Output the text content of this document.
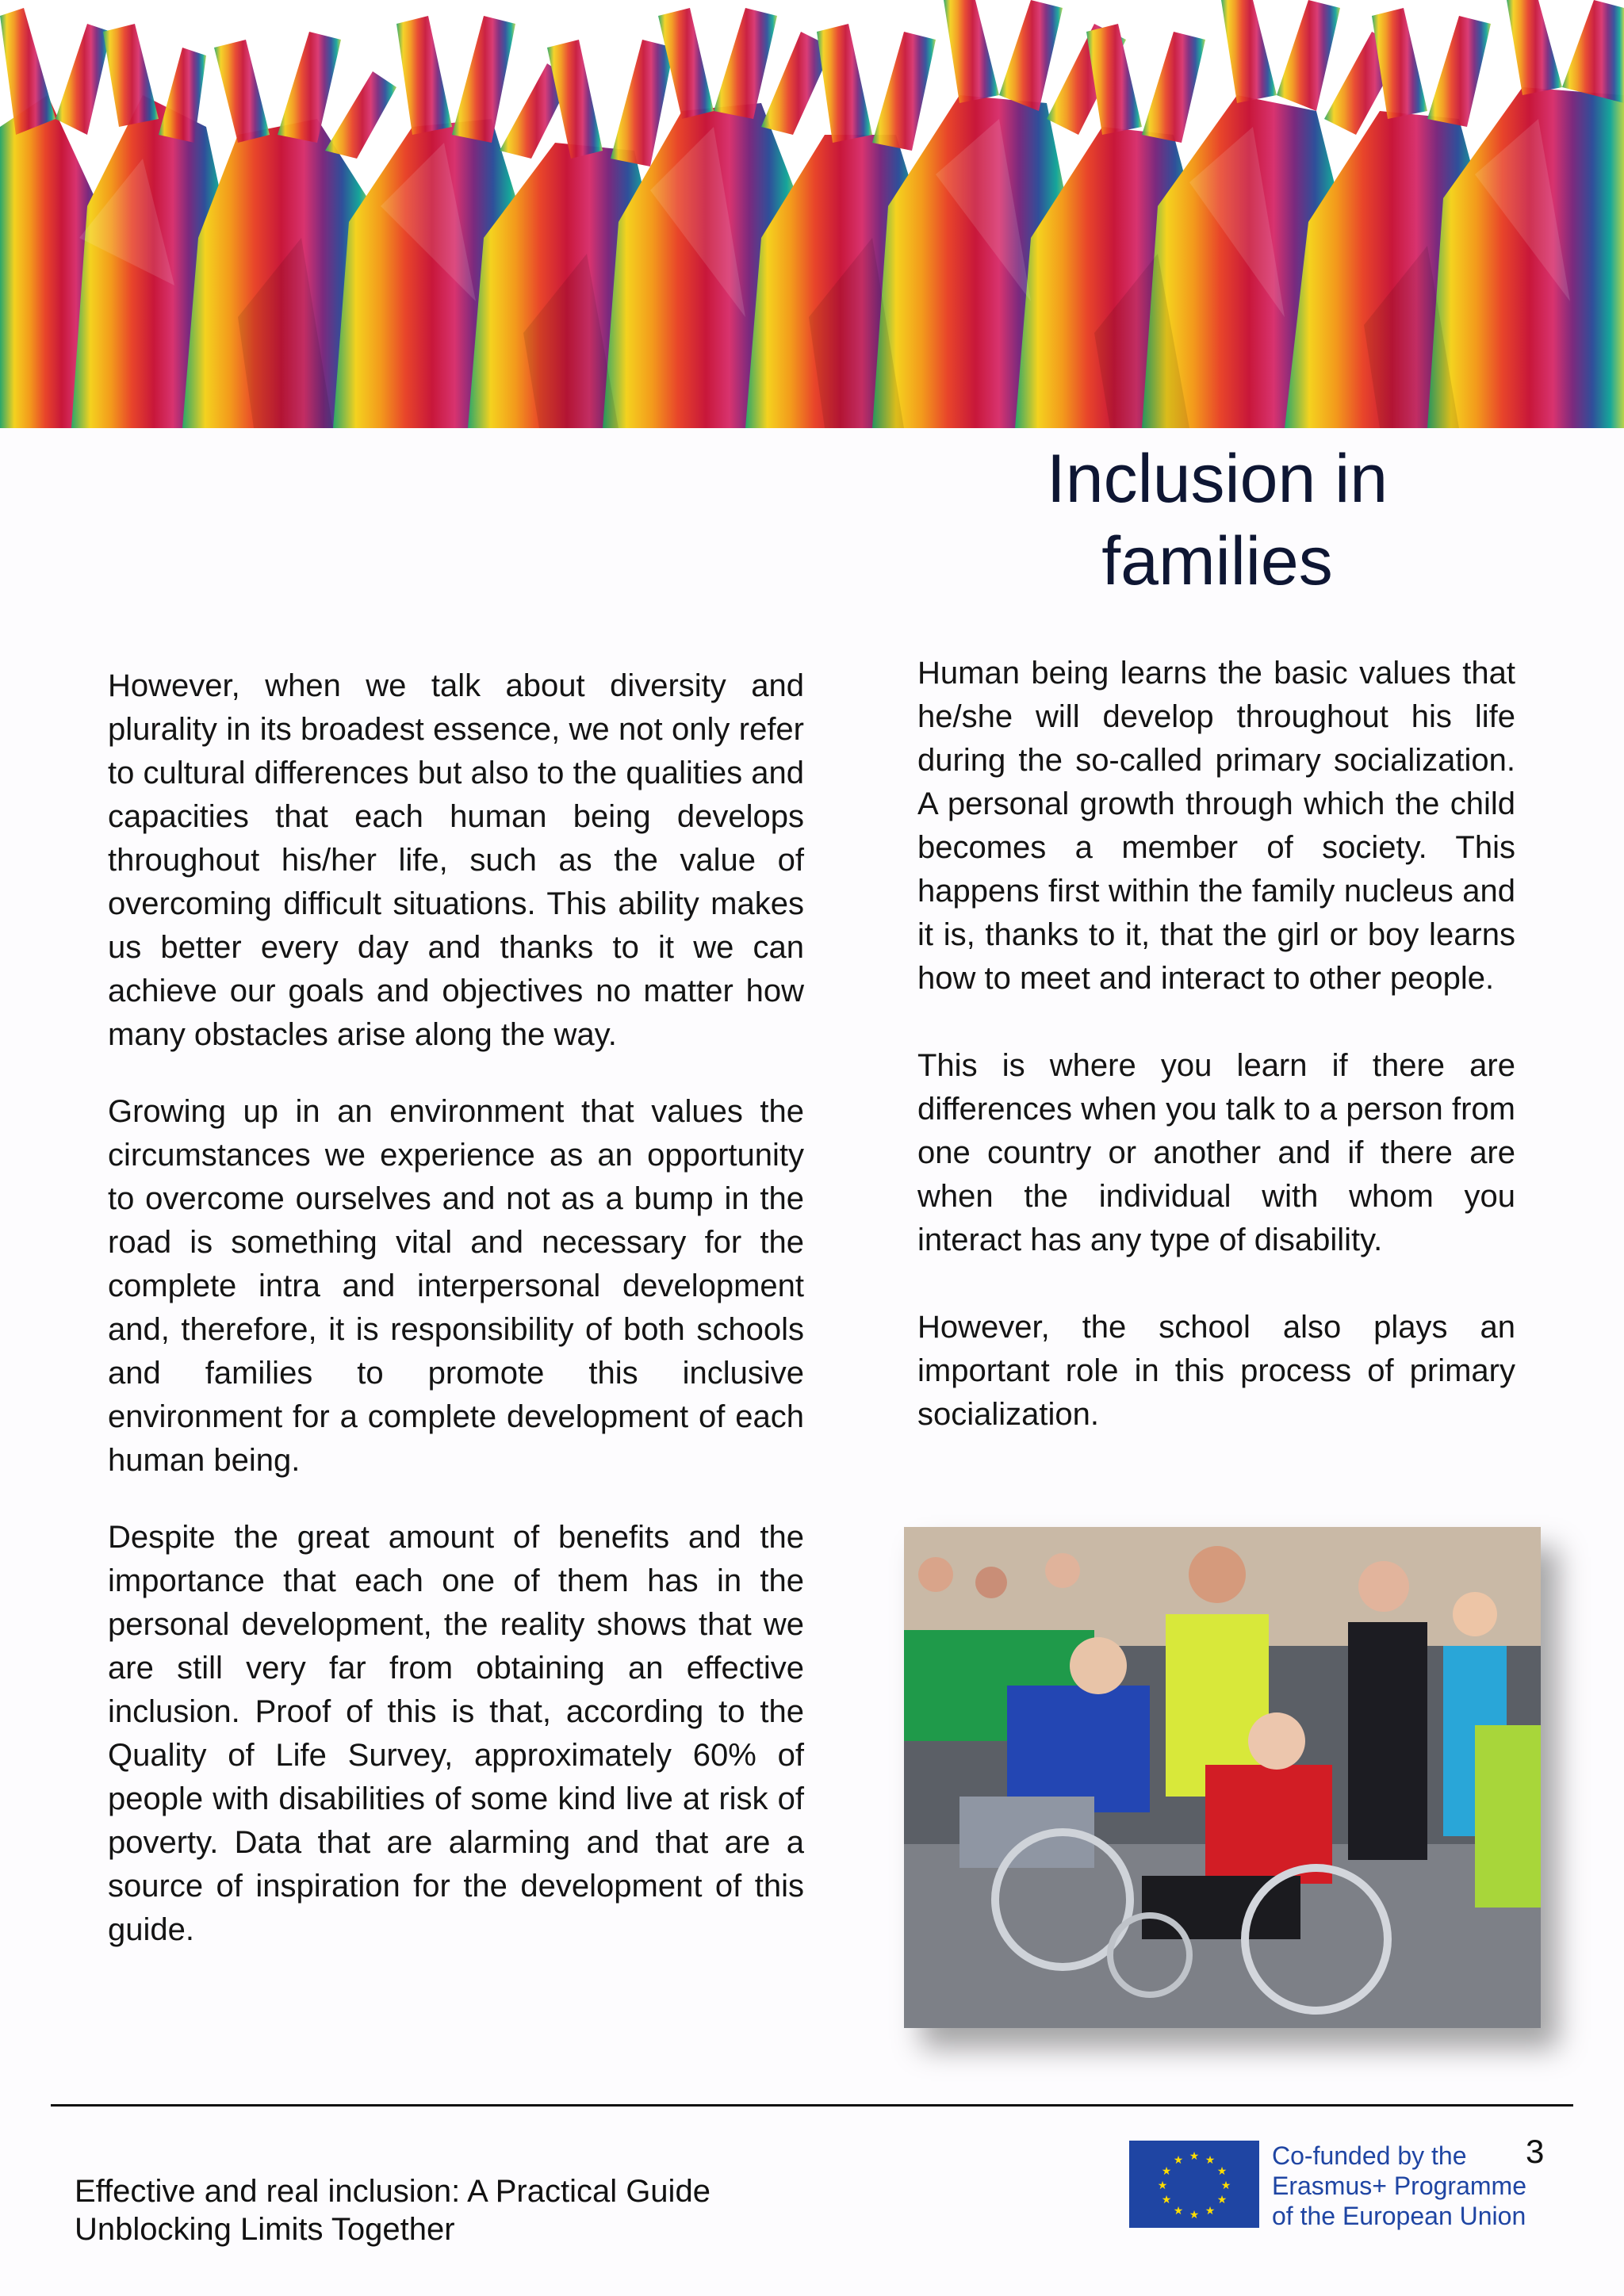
Inclusion in
families

However, when we talk about diversity and plurality in its broadest essence, we not only refer to cultural differences but also to the qualities and capacities that each human being develops throughout his/her life, such as the value of overcoming difficult situations. This ability makes us better every day and thanks to it we can achieve our goals and objectives no matter how many obstacles arise along the way.

Growing up in an environment that values the circumstances we experience as an opportunity to overcome ourselves and not as a bump in the road is something vital and necessary for the complete intra and interpersonal development and, therefore, it is responsibility of both schools and families to promote this inclusive environment for a complete development of each human being.

Despite the great amount of benefits and the importance that each one of them has in the personal development, the reality shows that we are still very far from obtaining an effective inclusion. Proof of this is that, according to the Quality of Life Survey, approximately 60% of people with disabilities of some kind live at risk of poverty. Data that are alarming and that are a source of inspiration for the development of this guide.

Human being learns the basic values that he/she will develop throughout his life during the so-called primary socialization. A personal growth through which the child becomes a member of society. This happens first within the family nucleus and it is, thanks to it, that the girl or boy learns how to meet and interact to other people.

This is where you learn if there are differences when you talk to a person from one country or another and if there are when the individual with whom you interact has any type of disability.

However, the school also plays an important role in this process of primary socialization.

Effective and real inclusion: A Practical Guide
Unblocking Limits Together
★ ★
★
★
★
★
★
★
★
★
★
★	Co-funded by the
Erasmus+ Programme
of the European Union
3
